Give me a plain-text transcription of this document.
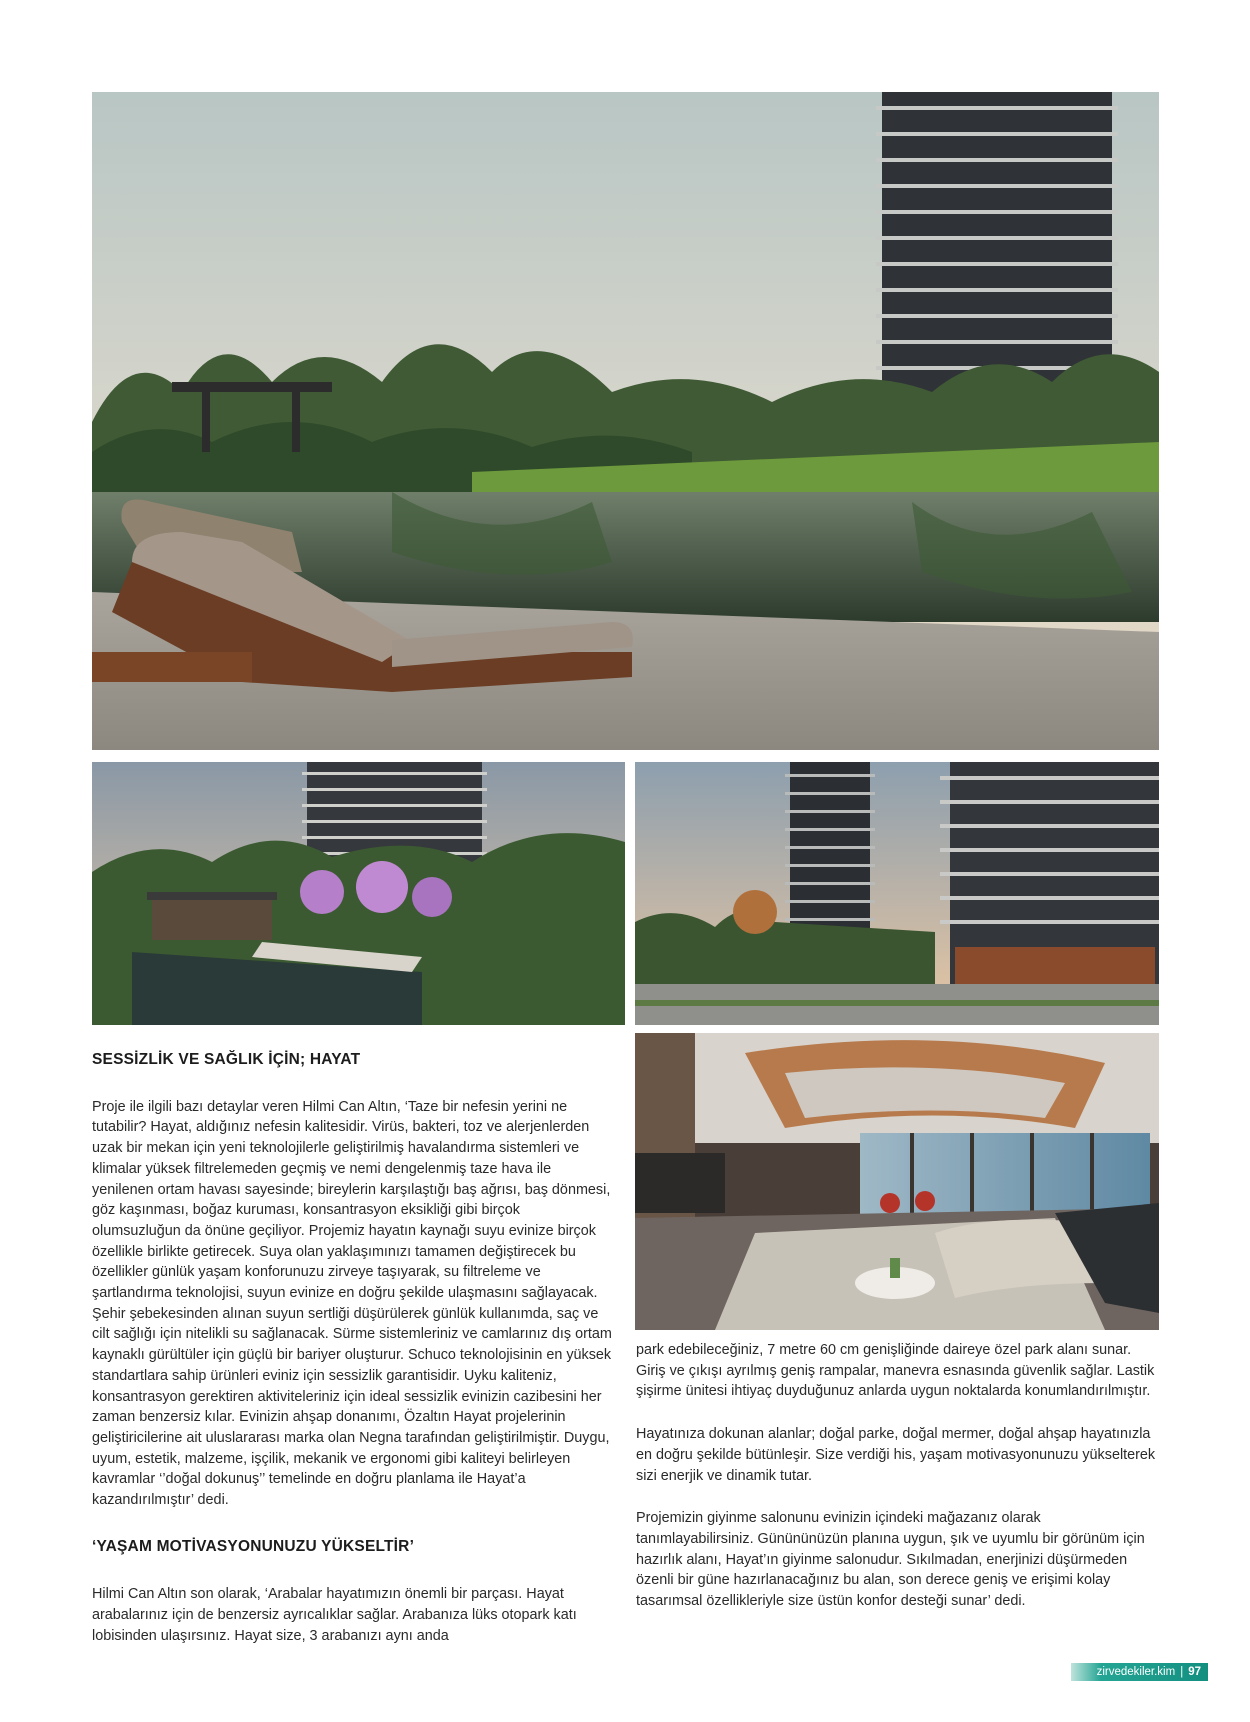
SESSİZLİK VE SAĞLIK İÇİN; HAYAT

Proje ile ilgili bazı detaylar veren Hilmi Can Altın, ‘Taze bir nefesin yerini ne tutabilir? Hayat, aldığınız nefesin kalitesidir. Virüs, bakteri, toz ve alerjenlerden uzak bir mekan için yeni teknolojilerle geliştirilmiş havalandırma sistemleri ve klimalar yüksek filtrelemeden geçmiş ve nemi dengelenmiş taze hava ile yenilenen ortam havası sayesinde; bireylerin karşılaştığı baş ağrısı, baş dönmesi, göz kaşınması, boğaz kuruması, konsantrasyon eksikliği gibi birçok olumsuzluğun da önüne geçiliyor. Projemiz hayatın kaynağı suyu evinize birçok özellikle birlikte getirecek. Suya olan yaklaşımınızı tamamen değiştirecek bu özellikler günlük yaşam konforunuzu zirveye taşıyarak, su filtreleme ve şartlandırma teknolojisi, suyun evinize en doğru şekilde ulaşmasını sağlayacak. Şehir şebekesinden alınan suyun sertliği düşürülerek günlük kullanımda, saç ve cilt sağlığı için nitelikli su sağlanacak. Sürme sistemleriniz ve camlarınız dış ortam kaynaklı gürültüler için güçlü bir bariyer oluşturur. Schuco teknolojisinin en yüksek standartlara sahip ürünleri eviniz için sessizlik garantisidir. Uyku kaliteniz, konsantrasyon gerektiren aktiviteleriniz için ideal sessizlik evinizin cazibesini her zaman benzersiz kılar. Evinizin ahşap donanımı, Özaltın Hayat projelerinin geliştiricilerine ait uluslararası marka olan Negna tarafından geliştirilmiştir. Duygu, uyum, estetik, malzeme, işçilik, mekanik ve ergonomi gibi kaliteyi belirleyen kavramlar ‘’doğal dokunuş’’ temelinde en doğru planlama ile Hayat’a kazandırılmıştır’ dedi.

‘YAŞAM MOTİVASYONUNUZU YÜKSELTİR’

Hilmi Can Altın son olarak, ‘Arabalar hayatımızın önemli bir parçası. Hayat arabalarınız için de benzersiz ayrıcalıklar sağlar. Arabanıza lüks otopark katı lobisinden ulaşırsınız. Hayat size, 3 arabanızı aynı anda

park edebileceğiniz, 7 metre 60 cm genişliğinde daireye özel park alanı sunar. Giriş ve çıkışı ayrılmış geniş rampalar, manevra esnasında güvenlik sağlar. Lastik şişirme ünitesi ihtiyaç duyduğunuz anlarda uygun noktalarda konumlandırılmıştır.

Hayatınıza dokunan alanlar; doğal parke, doğal mermer, doğal ahşap hayatınızla en doğru şekilde bütünleşir. Size verdiği his, yaşam motivasyonunuzu yükselterek sizi enerjik ve dinamik tutar.

Projemizin giyinme salonunu evinizin içindeki mağazanız olarak tanımlayabilirsiniz. Günününüzün planına uygun, şık ve uyumlu bir görünüm için hazırlık alanı, Hayat’ın giyinme salonudur. Sıkılmadan, enerjinizi düşürmeden özenli bir güne hazırlanacağınız bu alan, son derece geniş ve erişimi kolay tasarımsal özellikleriyle size üstün konfor desteği sunar’ dedi.

zirvedekiler.kim | 97
